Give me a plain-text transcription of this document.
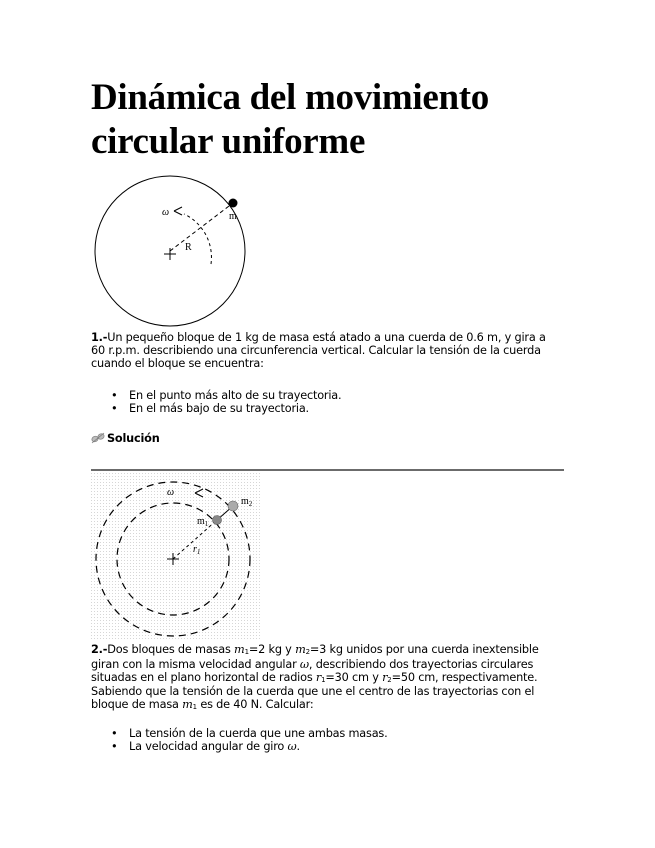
Dinámica del movimiento circular uniforme
ω	m
R

1.-Un pequeño bloque de 1 kg de masa está atado a una cuerda de 0.6 m, y gira a 60 r.p.m. describiendo una circunferencia vertical. Calcular la tensión de la cuerda cuando el bloque se encuentra:

• En el punto más alto de su trayectoria.
• En el más bajo de su trayectoria.
Solución
ω
$m_1$
$m_2$
$r_1$

2.-Dos bloques de masas $m_1=2$ kg y $m_2=3$ kg unidos por una cuerda inextensible giran con la misma velocidad angular ω, describiendo dos trayectorias circulares situadas en el plano horizontal de radios $r_1=30$ cm y $r_2=50$ cm, respectivamente. Sabiendo que la tensión de la cuerda que une el centro de las trayectorias con el bloque de masa $m_1$ es de 40 N. Calcular:

• La tensión de la cuerda que une ambas masas.
• La velocidad angular de giro ω.
